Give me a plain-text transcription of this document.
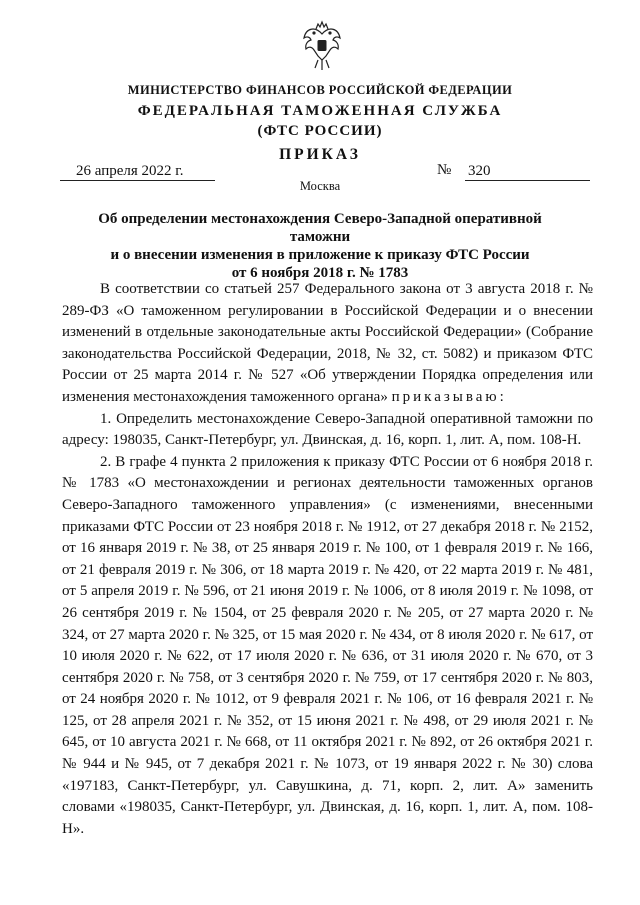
МИНИСТЕРСТВО ФИНАНСОВ РОССИЙСКОЙ ФЕДЕРАЦИИ
ФЕДЕРАЛЬНАЯ ТАМОЖЕННАЯ СЛУЖБА
(ФТС РОССИИ)
ПРИКАЗ
26 апреля 2022 г.	№ 320
Москва
Об определении местонахождения Северо-Западной оперативной таможни
и о внесении изменения в приложение к приказу ФТС России
от 6 ноября 2018 г. № 1783

В соответствии со статьей 257 Федерального закона от 3 августа 2018 г. № 289-ФЗ «О таможенном регулировании в Российской Федерации и о внесении изменений в отдельные законодательные акты Российской Федерации» (Собрание законодательства Российской Федерации, 2018, № 32, ст. 5082) и приказом ФТС России от 25 марта 2014 г. № 527 «Об утверждении Порядка определения или изменения местонахождения таможенного органа» приказываю:

1. Определить местонахождение Северо-Западной оперативной таможни по адресу: 198035, Санкт-Петербург, ул. Двинская, д. 16, корп. 1, лит. А, пом. 108-Н.

2. В графе 4 пункта 2 приложения к приказу ФТС России от 6 ноября 2018 г. № 1783 «О местонахождении и регионах деятельности таможенных органов Северо-Западного таможенного управления» (с изменениями, внесенными приказами ФТС России от 23 ноября 2018 г. № 1912, от 27 декабря 2018 г. № 2152, от 16 января 2019 г. № 38, от 25 января 2019 г. № 100, от 1 февраля 2019 г. № 166, от 21 февраля 2019 г. № 306, от 18 марта 2019 г. № 420, от 22 марта 2019 г. № 481, от 5 апреля 2019 г. № 596, от 21 июня 2019 г. № 1006, от 8 июля 2019 г. № 1098, от 26 сентября 2019 г. № 1504, от 25 февраля 2020 г. № 205, от 27 марта 2020 г. № 324, от 27 марта 2020 г. № 325, от 15 мая 2020 г. № 434, от 8 июля 2020 г. № 617, от 10 июля 2020 г. № 622, от 17 июля 2020 г. № 636, от 31 июля 2020 г. № 670, от 3 сентября 2020 г. № 758, от 3 сентября 2020 г. № 759, от 17 сентября 2020 г. № 803, от 24 ноября 2020 г. № 1012, от 9 февраля 2021 г. № 106, от 16 февраля 2021 г. № 125, от 28 апреля 2021 г. № 352, от 15 июня 2021 г. № 498, от 29 июля 2021 г. № 645, от 10 августа 2021 г. № 668, от 11 октября 2021 г. № 892, от 26 октября 2021 г. № 944 и № 945, от 7 декабря 2021 г. № 1073, от 19 января 2022 г. № 30) слова «197183, Санкт-Петербург, ул. Савушкина, д. 71, корп. 2, лит. А» заменить словами «198035, Санкт-Петербург, ул. Двинская, д. 16, корп. 1, лит. А, пом. 108-Н».
